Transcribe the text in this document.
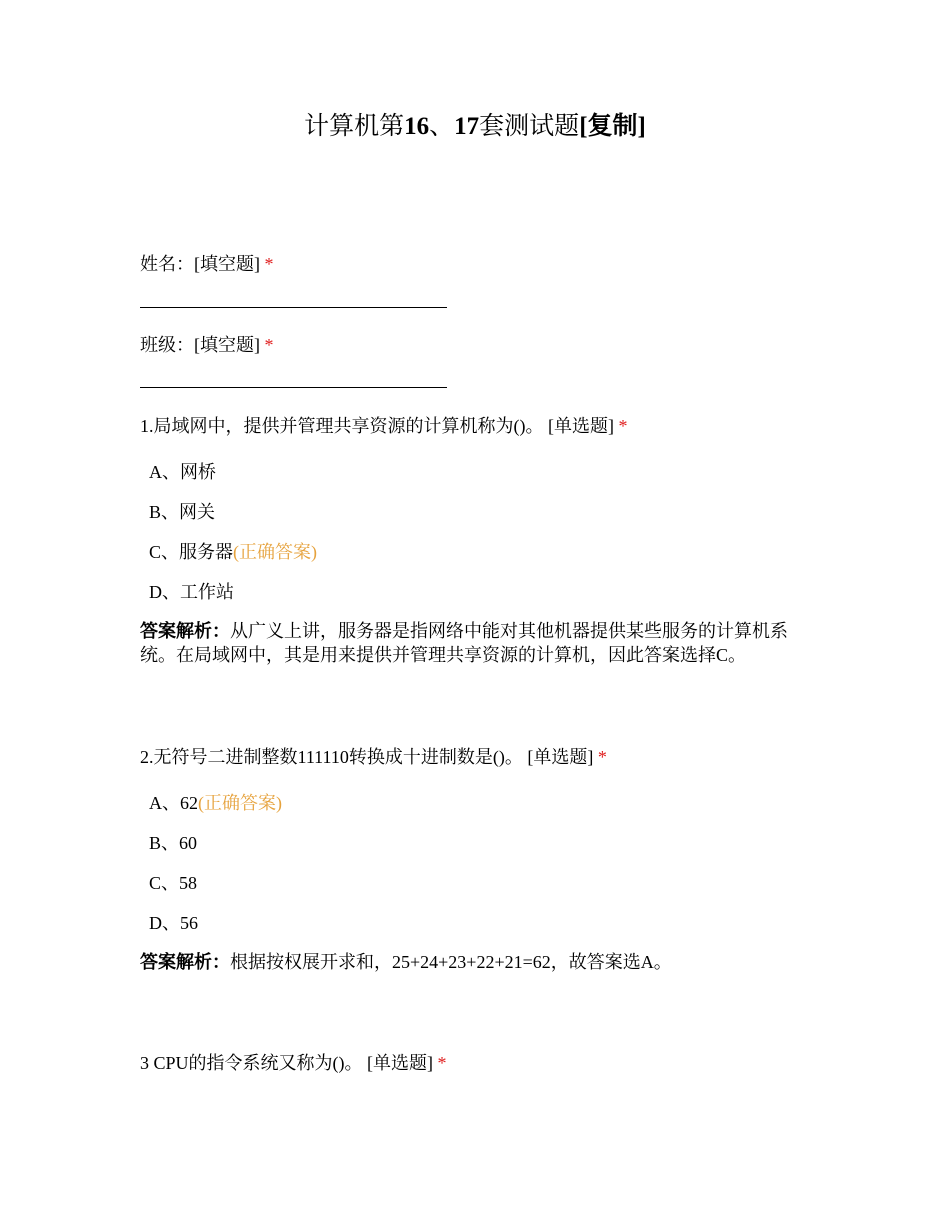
计算机第16、17套测试题[复制]
姓名：[填空题] *
班级：[填空题] *
1.局域网中，提供并管理共享资源的计算机称为()。 [单选题] *
A、网桥
B、网关
C、服务器(正确答案)
D、工作站
答案解析：从广义上讲，服务器是指网络中能对其他机器提供某些服务的计算机系统。在局域网中，其是用来提供并管理共享资源的计算机，因此答案选择C。
2.无符号二进制整数111110转换成十进制数是()。 [单选题] *
A、62(正确答案)
B、60
C、58
D、56
答案解析：根据按权展开求和，25+24+23+22+21=62，故答案选A。
3 CPU的指令系统又称为()。 [单选题] *
